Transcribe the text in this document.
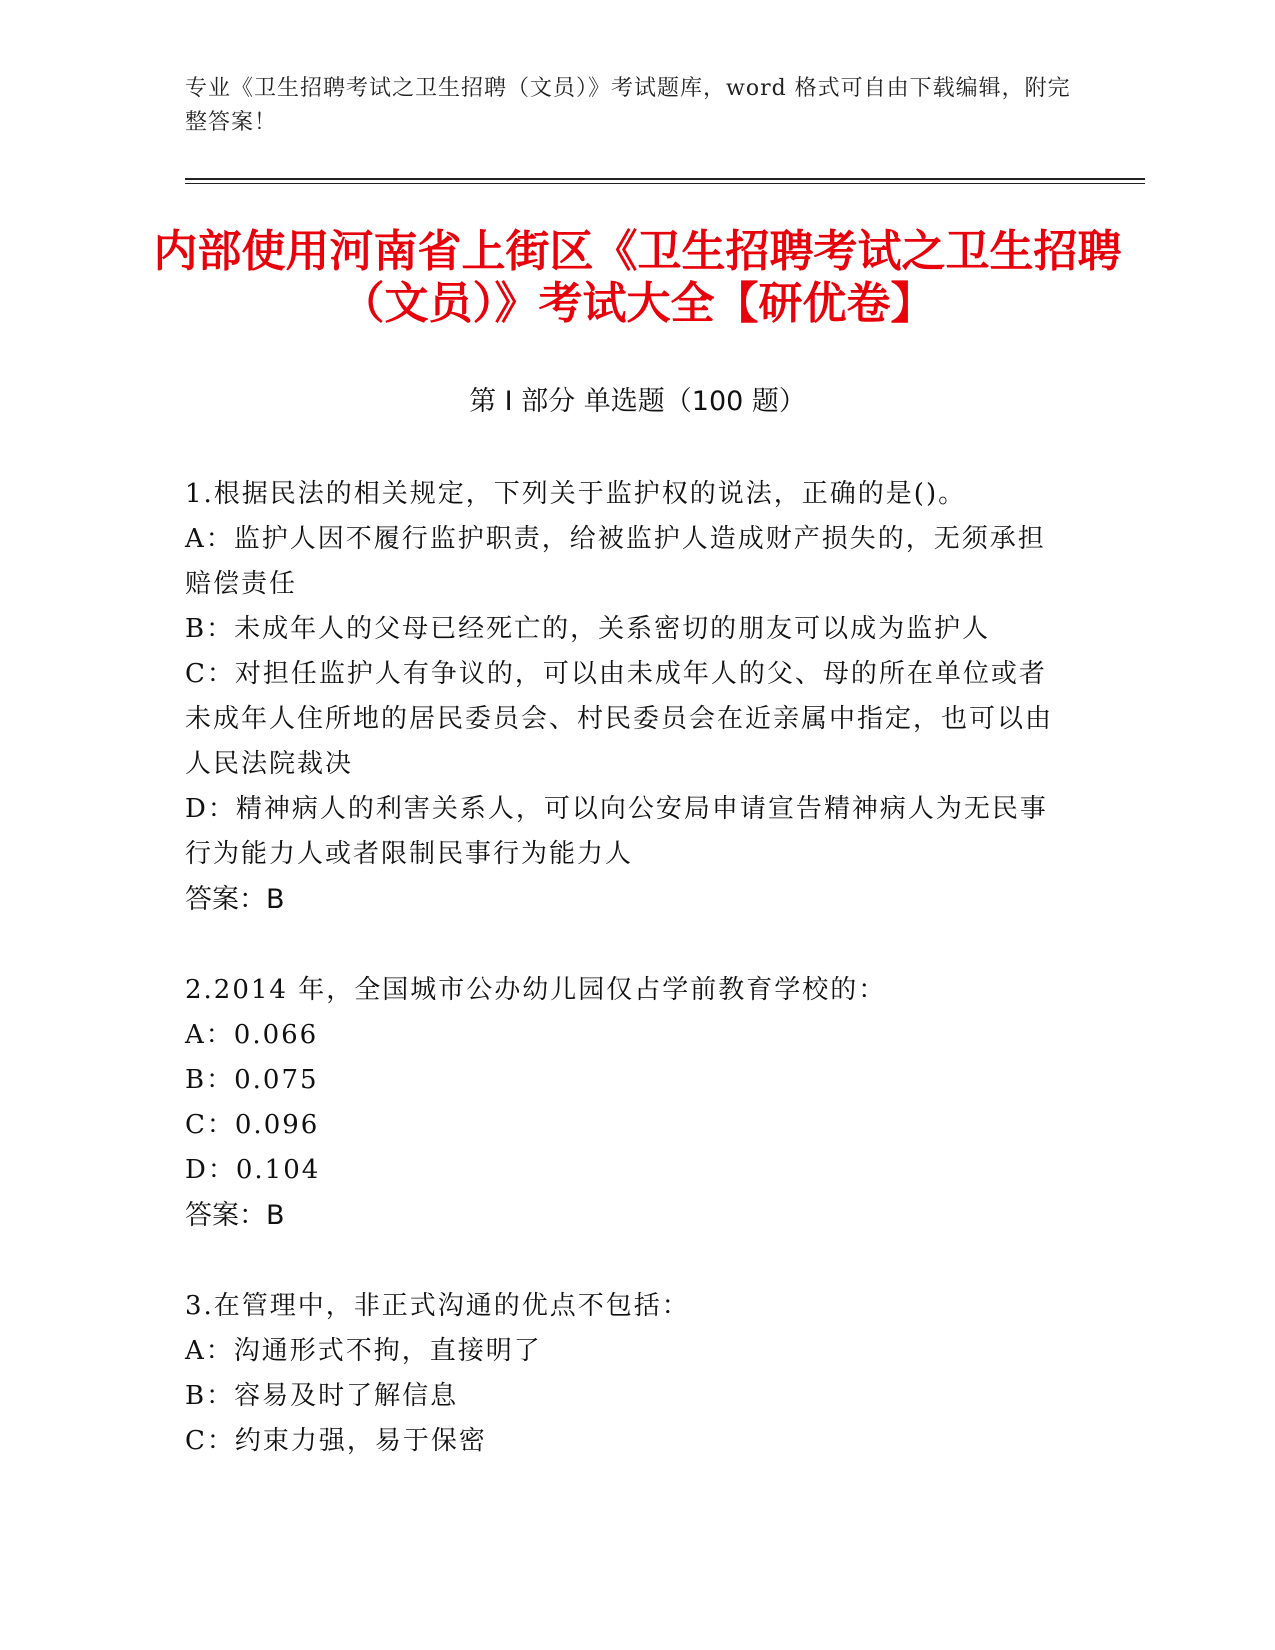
专业《卫生招聘考试之卫生招聘（文员）》考试题库，word 格式可自由下载编辑，附完整答案！
内部使用河南省上街区《卫生招聘考试之卫生招聘（文员）》考试大全【研优卷】
第 I 部分 单选题（100 题）

1.根据民法的相关规定，下列关于监护权的说法，正确的是()。

A：监护人因不履行监护职责，给被监护人造成财产损失的，无须承担赔偿责任

B：未成年人的父母已经死亡的，关系密切的朋友可以成为监护人

C：对担任监护人有争议的，可以由未成年人的父、母的所在单位或者未成年人住所地的居民委员会、村民委员会在近亲属中指定，也可以由人民法院裁决

D：精神病人的利害关系人，可以向公安局申请宣告精神病人为无民事行为能力人或者限制民事行为能力人

答案：B

2.2014 年，全国城市公办幼儿园仅占学前教育学校的：

A：0.066

B：0.075

C：0.096

D：0.104

答案：B

3.在管理中，非正式沟通的优点不包括：

A：沟通形式不拘，直接明了

B：容易及时了解信息

C：约束力强，易于保密
